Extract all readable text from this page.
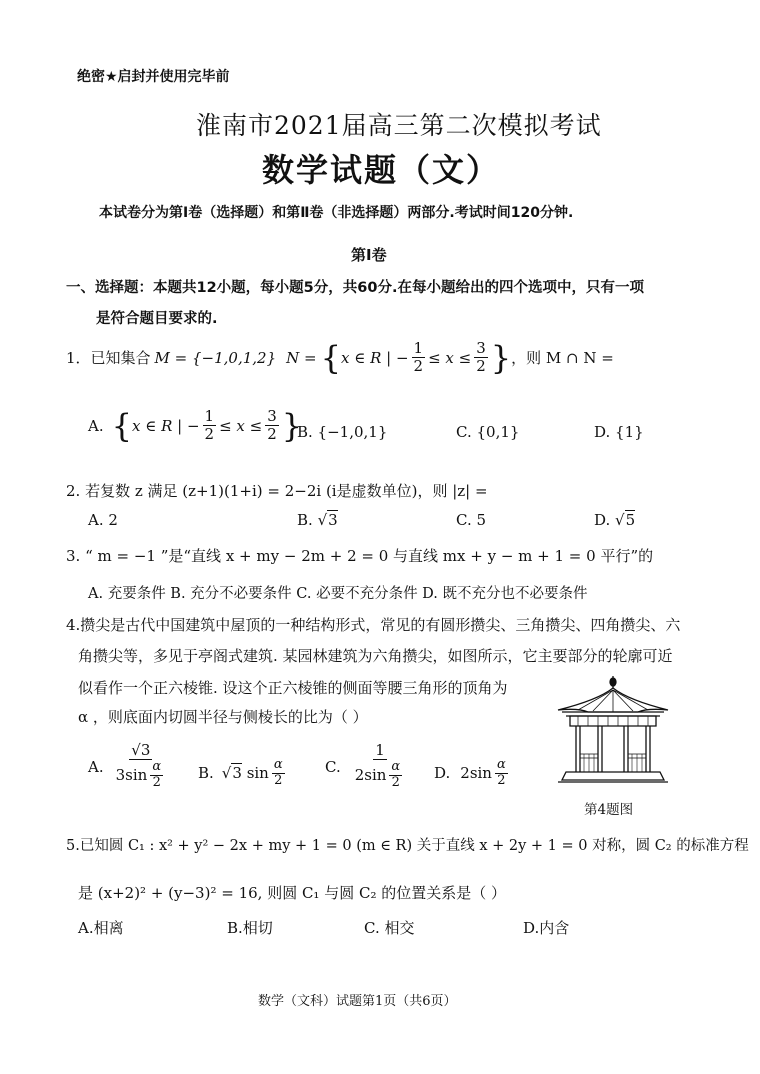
绝密★启封并使用完毕前
淮南市2021届高三第二次模拟考试
数学试题（文）
本试卷分为第Ⅰ卷（选择题）和第Ⅱ卷（非选择题）两部分.考试时间120分钟.
第Ⅰ卷
一、选择题：本题共12小题，每小题5分，共60分.在每小题给出的四个选项中，只有一项
是符合题目要求的.
1．已知集合 M = {−1,0,1,2} N = { x ∈ R | − $\frac{1}{2} \le x \le \frac{3}{2}$ } ，则 M ∩ N =
A. { x ∈ R | − $\frac{1}{2} \le x \le \frac{3}{2}$ }
B. {−1,0,1}	C. {0,1}	D. {1}
2. 若复数 z 满足 (z+1)(1+i) = 2−2i (i是虚数单位)，则 |z| =
A. 2	B. √3	C. 5	D. √5
3. “ m = −1 ”是“直线 x + my − 2m + 2 = 0 与直线 mx + y − m + 1 = 0 平行”的
A. 充要条件 B. 充分不必要条件 C. 必要不充分条件 D. 既不充分也不必要条件
4.攒尖是古代中国建筑中屋顶的一种结构形式，常见的有圆形攒尖、三角攒尖、四角攒尖、六
角攒尖等，多见于亭阁式建筑. 某园林建筑为六角攒尖，如图所示，它主要部分的轮廓可近
似看作一个正六棱锥. 设这个正六棱锥的侧面等腰三角形的顶角为
α ，则底面内切圆半径与侧棱长的比为（ ）
第4题图
A. $\frac{√3}{3 \sin \frac{\alpha}{2}} B$. √3 $\sin \frac{\alpha}{2}$	C. $\frac{1}{2 \sin \frac{\alpha}{2}} D$. $2\sin \frac{\alpha}{2}$
5.已知圆 C₁ : x² + y² − 2x + my + 1 = 0 (m ∈ R) 关于直线 x + 2y + 1 = 0 对称，圆 C₂ 的标准方程
是 (x+2)² + (y−3)² = 16, 则圆 C₁ 与圆 C₂ 的位置关系是（ ）
A.相离	B.相切	C. 相交	D.内含
数学（文科）试题第1页（共6页）
